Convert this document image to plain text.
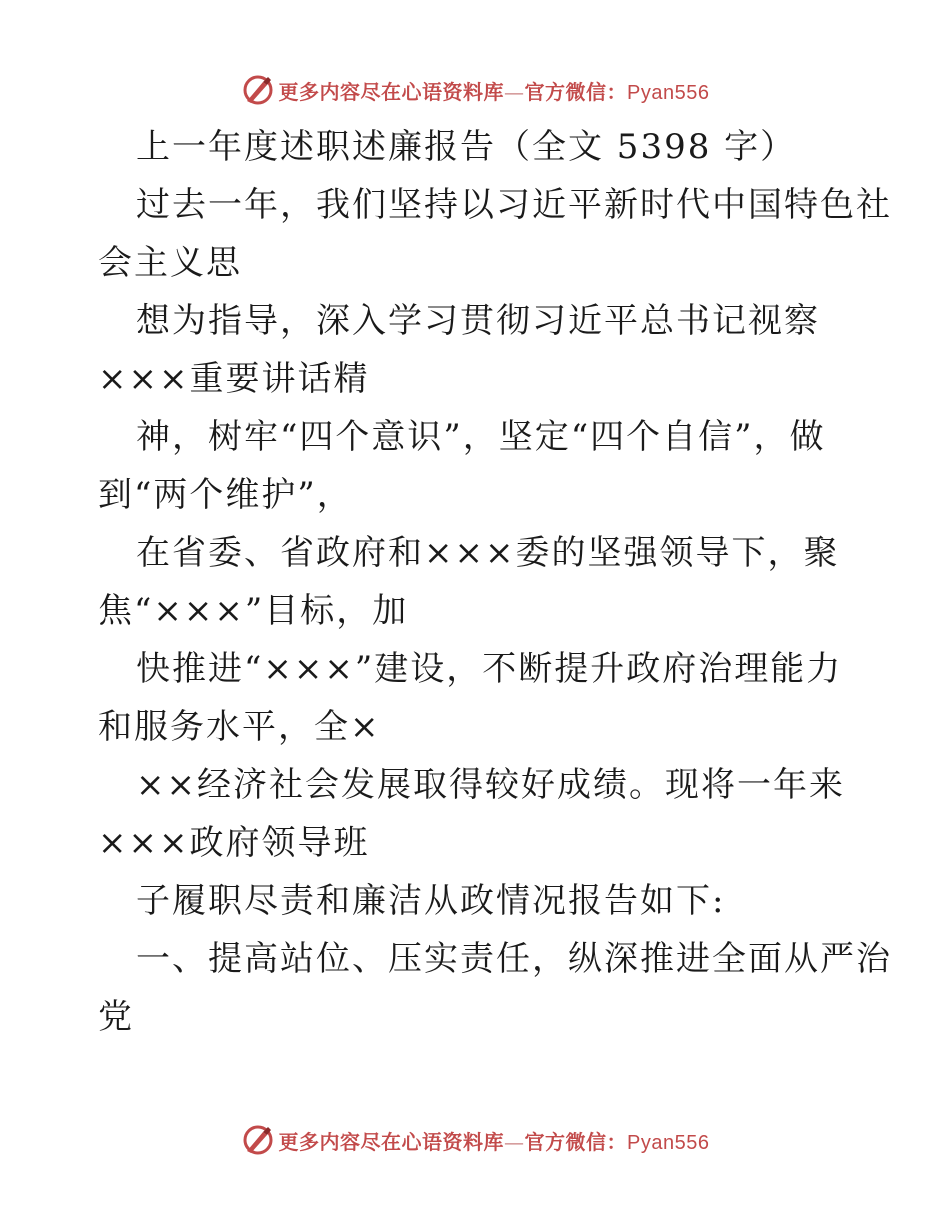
更多内容尽在心语资料库—官方微信：Pyan556
上一年度述职述廉报告（全文 5398 字）
过去一年，我们坚持以习近平新时代中国特色社
会主义思
想为指导，深入学习贯彻习近平总书记视察
×××重要讲话精
神，树牢“四个意识”，坚定“四个自信”，做
到“两个维护”，
在省委、省政府和×××委的坚强领导下，聚
焦“×××”目标，加
快推进“×××”建设，不断提升政府治理能力
和服务水平，全×
××经济社会发展取得较好成绩。现将一年来
×××政府领导班
子履职尽责和廉洁从政情况报告如下:
一、提高站位、压实责任，纵深推进全面从严治
党
更多内容尽在心语资料库—官方微信：Pyan556
